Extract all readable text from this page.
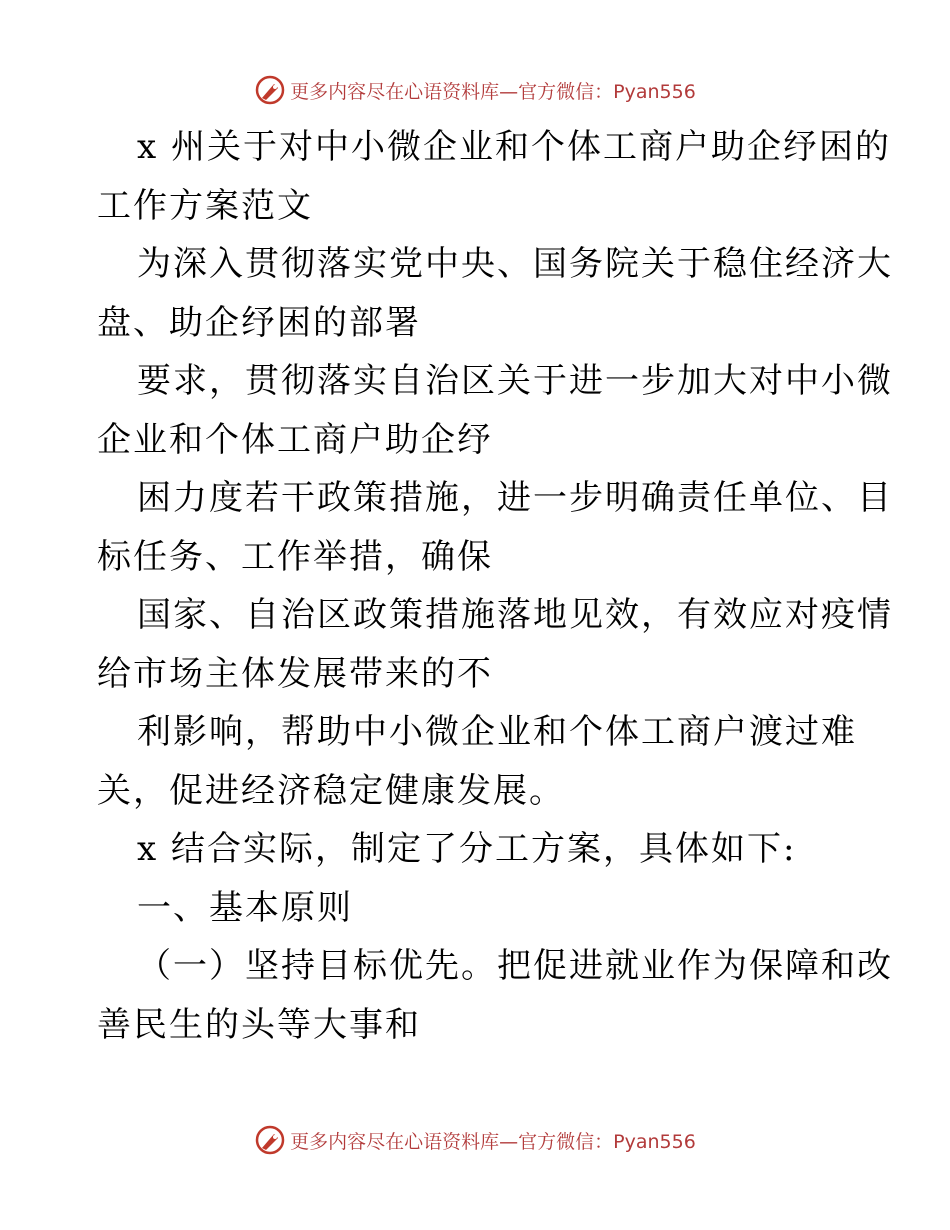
更多内容尽在心语资料库—官方微信：Pyan556
x 州关于对中小微企业和个体工商户助企纾困的
工作方案范文
为深入贯彻落实党中央、国务院关于稳住经济大
盘、助企纾困的部署
要求，贯彻落实自治区关于进一步加大对中小微
企业和个体工商户助企纾
困力度若干政策措施，进一步明确责任单位、目
标任务、工作举措，确保
国家、自治区政策措施落地见效，有效应对疫情
给市场主体发展带来的不
利影响，帮助中小微企业和个体工商户渡过难
关，促进经济稳定健康发展。
x 结合实际，制定了分工方案，具体如下:
一、基本原则
（一）坚持目标优先。把促进就业作为保障和改
善民生的头等大事和
更多内容尽在心语资料库—官方微信：Pyan556
